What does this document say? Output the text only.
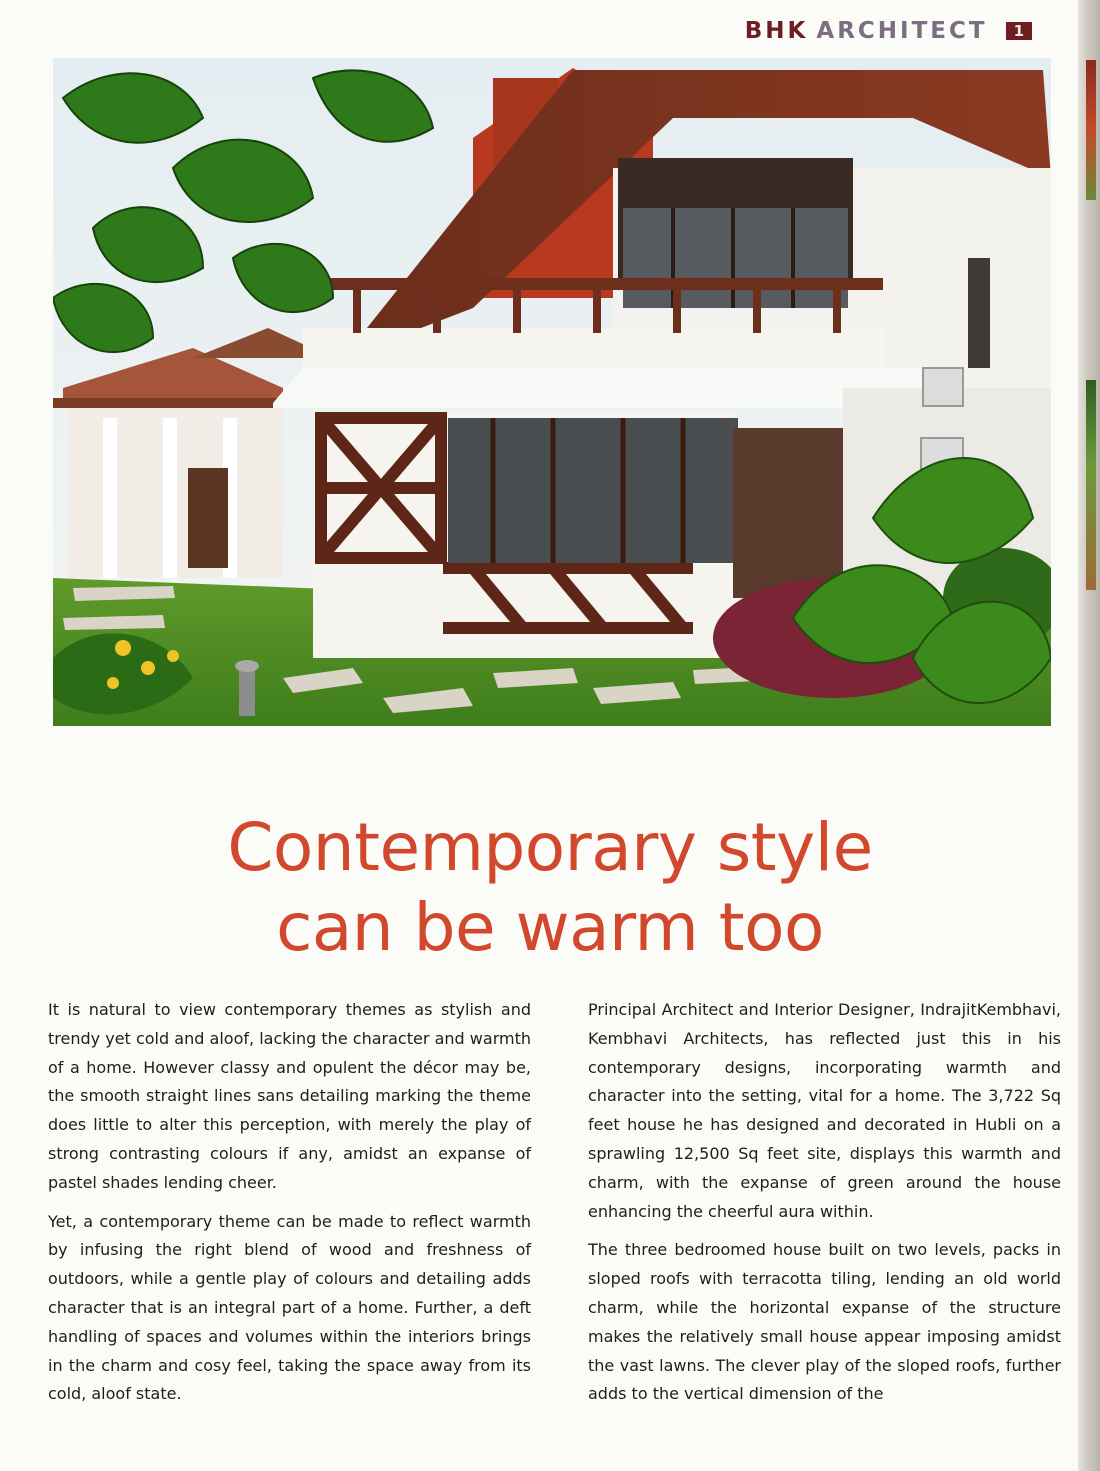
BHK ARCHITECT	1
Contemporary style
can be warm too

It is natural to view contemporary themes as stylish and trendy yet cold and aloof, lacking the character and warmth of a home. However classy and opulent the décor may be, the smooth straight lines sans detailing marking the theme does little to alter this perception, with merely the play of strong contrasting colours if any, amidst an expanse of pastel shades lending cheer.

Yet, a contemporary theme can be made to reflect warmth by infusing the right blend of wood and freshness of outdoors, while a gentle play of colours and detailing adds character that is an integral part of a home. Further, a deft handling of spaces and volumes within the interiors brings in the charm and cosy feel, taking the space away from its cold, aloof state.

Principal Architect and Interior Designer, IndrajitKembhavi, Kembhavi Architects, has reflected just this in his contemporary designs, incorporating warmth and character into the setting, vital for a home. The 3,722 Sq feet house he has designed and decorated in Hubli on a sprawling 12,500 Sq feet site, displays this warmth and charm, with the expanse of green around the house enhancing the cheerful aura within.

The three bedroomed house built on two levels, packs in sloped roofs with terracotta tiling, lending an old world charm, while the horizontal expanse of the structure makes the relatively small house appear imposing amidst the vast lawns. The clever play of the sloped roofs, further adds to the vertical dimension of the
